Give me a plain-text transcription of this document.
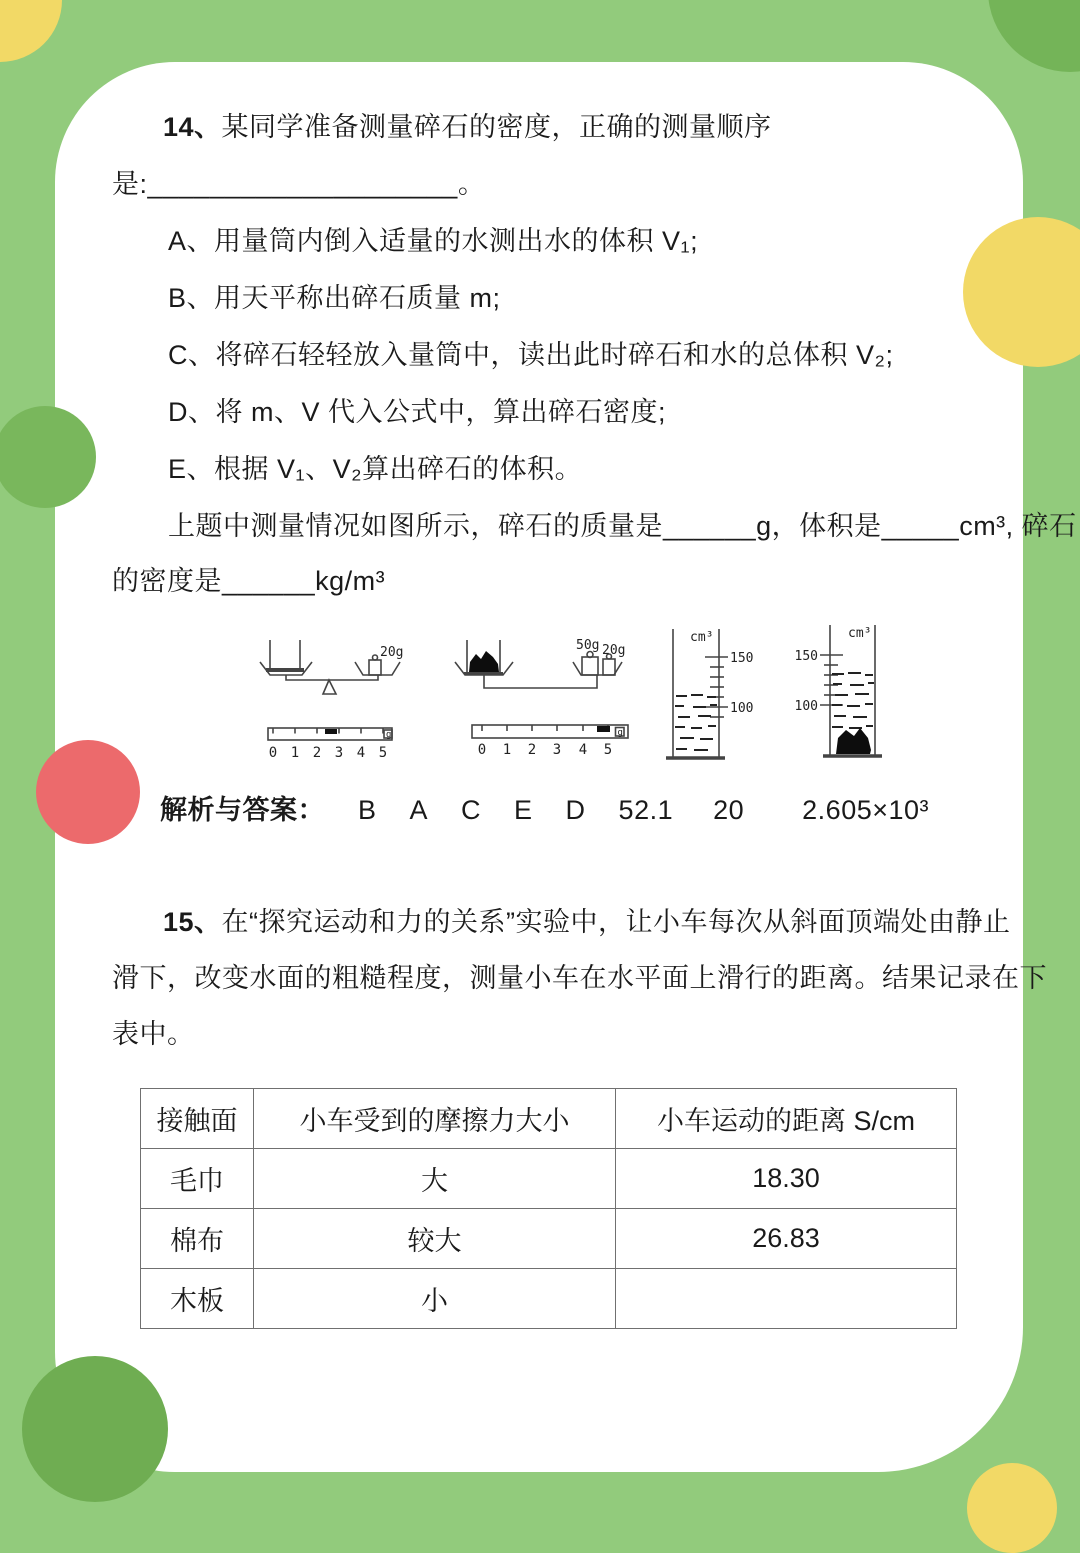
14、某同学准备测量碎石的密度，正确的测量顺序
是:____________________。
A、用量筒内倒入适量的水测出水的体积 V₁;
B、用天平称出碎石质量 m;
C、将碎石轻轻放入量筒中，读出此时碎石和水的总体积 V₂;
D、将 m、V 代入公式中，算出碎石密度;
E、根据 V₁、V₂算出碎石的体积。
上题中测量情况如图所示，碎石的质量是______g，体积是_____cm³, 碎石
的密度是______kg/m³
20g	50g 20g
g	g
0 1 2 3 4 5	0 1 2 3 4 5
cm³
150
100
cm³
150
100
解析与答案： B A C E D 52.1 20 2.605×10³
15、在“探究运动和力的关系”实验中，让小车每次从斜面顶端处由静止
滑下，改变水面的粗糙程度，测量小车在水平面上滑行的距离。结果记录在下
表中。
接触面	小车受到的摩擦力大小	小车运动的距离 S/cm
毛巾	大	18.30
棉布	较大	26.83
木板	小	
